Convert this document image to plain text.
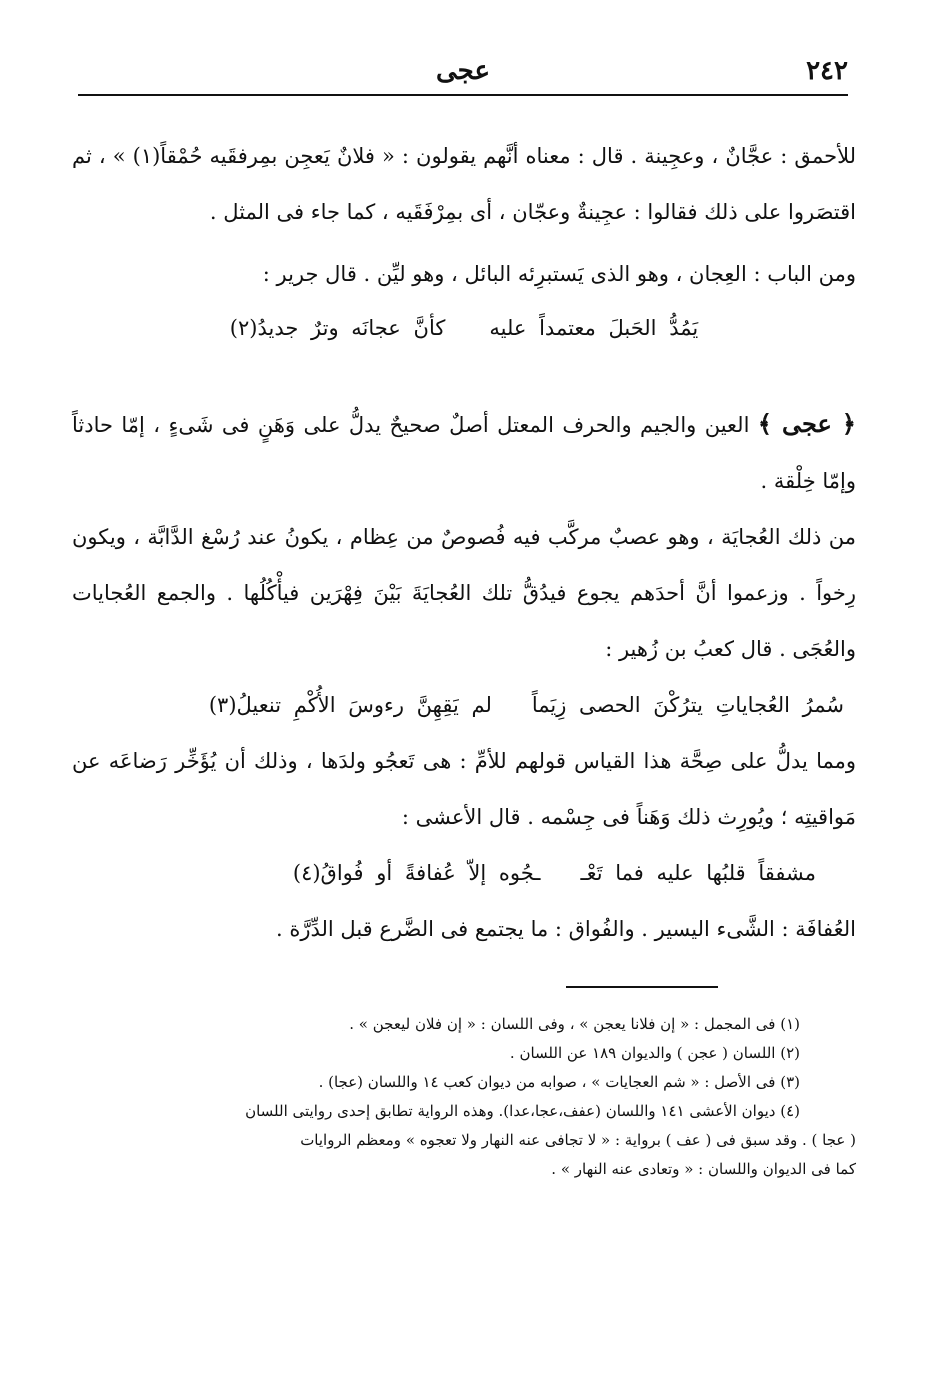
٢٤٢
عجى

للأحمق : عجَّانٌ ، وعجِينة . قال : معناه أنَّهم يقولون : « فلانٌ يَعجِن بمِرفقَيه حُمْقاً(١) » ، ثم اقتصَروا على ذلك فقالوا : عجِينةٌ وعجّان ، أى بمِرْفَقَيه ، كما جاء فى المثل .

ومن الباب : العِجان ، وهو الذى يَستبرِئه البائل ، وهو ليِّن . قال جرير :

يَمُدُّ الحَبلَ معتمداً عليهكأنَّ عجانَه وترٌ جديدُ(٢)

﴿ عجى ﴾ العين والجيم والحرف المعتل أصلٌ صحيحٌ يدلُّ على وَهَنٍ فى شَىءٍ ، إمّا حادثاً وإمّا خِلْقة .

من ذلك العُجايَة ، وهو عصبٌ مركَّب فيه فُصوصٌ من عِظام ، يكونُ عند رُسْغ الدَّابَّة ، ويكون رِخواً . وزعموا أنَّ أحدَهم يجوع فيدُقُّ تلك العُجايَةَ بَيْنَ فِهْرَين فيأْكُلُها . والجمع العُجايات والعُجَى . قال كعبُ بن زُهير :

سُمرُ العُجاياتِ يترُكْنَ الحصى زِيَماًلم يَقِهِنَّ رءوسَ الأُكْمِ تنعيلُ(٣)

ومما يدلُّ على صِحَّة هذا القياس قولهم للأمِّ : هى تَعجُو ولدَها ، وذلك أن يُؤَخِّر رَضاعَه عن مَواقيتِه ؛ ويُورِث ذلك وَهَناً فى جِسْمه . قال الأعشى :

مشفقاً قلبُها عليه فما تَعْــجُوه إلاّ عُفافةً أو فُواقُ(٤)

العُفافَة : الشَّىء اليسير . والفُواق : ما يجتمع فى الضَّرع قبل الدِّرَّة .

(١) فى المجمل : « إن فلانا يعجن » ، وفى اللسان : « إن فلان ليعجن » .

(٢) اللسان ( عجن ) والديوان ١٨٩ عن اللسان .

(٣) فى الأصل : « شم العجايات » ، صوابه من ديوان كعب ١٤ واللسان (عجا) .

(٤) ديوان الأعشى ١٤١ واللسان (عفف،عجا،عدا). وهذه الرواية تطابق إحدى روايتى اللسان

( عجا ) . وقد سبق فى ( عف ) برواية : « لا تجافى عنه النهار ولا تعجوه » ومعظم الروايات

كما فى الديوان واللسان : « وتعادى عنه النهار » .
